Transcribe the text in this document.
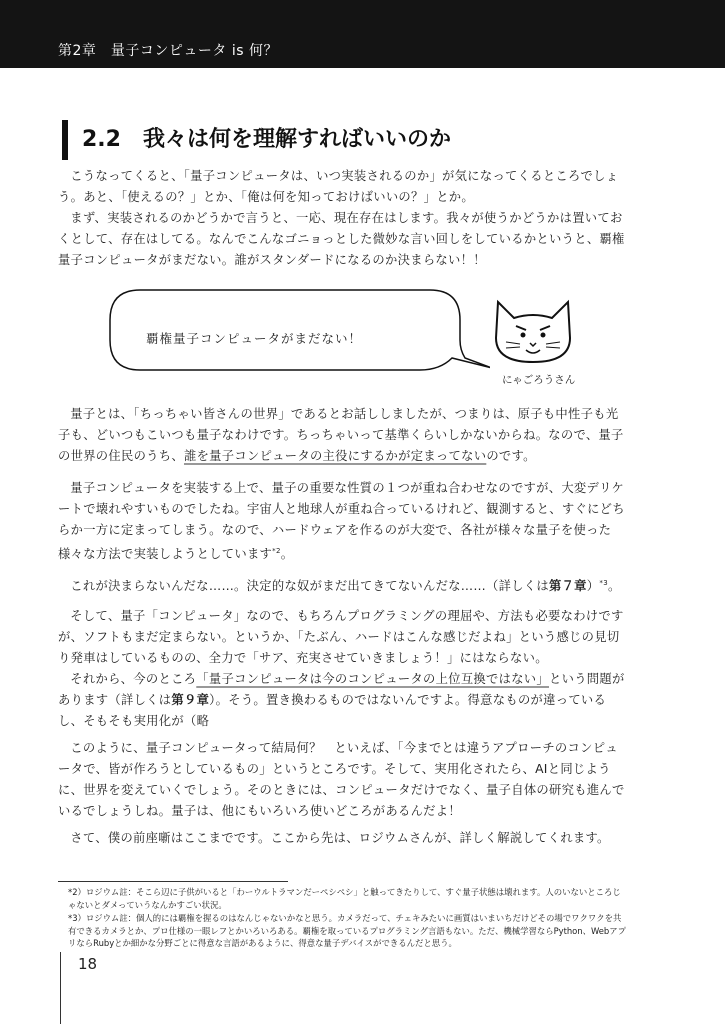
第2章　量子コンピュータ is 何？
2.2 我々は何を理解すればいいのか

こうなってくると、「量子コンピュータは、いつ実装されるのか」が気になってくるところでしょう。あと、「使えるの？」とか、「俺は何を知っておけばいいの？」とか。

まず、実装されるのかどうかで言うと、一応、現在存在はします。我々が使うかどうかは置いておくとして、存在はしてる。なんでこんなゴニョっとした微妙な言い回しをしているかというと、覇権量子コンピュータがまだない。誰がスタンダードになるのか決まらない！！

覇権量子コンピュータがまだない！
にゃごろうさん

量子とは、「ちっちゃい皆さんの世界」であるとお話ししましたが、つまりは、原子も中性子も光子も、どいつもこいつも量子なわけです。ちっちゃいって基準くらいしかないからね。なので、量子の世界の住民のうち、誰を量子コンピュータの主役にするかが定まってないのです。

量子コンピュータを実装する上で、量子の重要な性質の１つが重ね合わせなのですが、大変デリケートで壊れやすいものでしたね。宇宙人と地球人が重ね合っているけれど、観測すると、すぐにどちらか一方に定まってしまう。なので、ハードウェアを作るのが大変で、各社が様々な量子を使った様々な方法で実装しようとしています$^{*2}$。

これが決まらないんだな……。決定的な奴がまだ出てきてないんだな……（詳しくは第７章）$^{*3}$。

そして、量子「コンピュータ」なので、もちろんプログラミングの理屈や、方法も必要なわけですが、ソフトもまだ定まらない。というか、「たぶん、ハードはこんな感じだよね」という感じの見切り発車はしているものの、全力で「サア、充実させていきましょう！」にはならない。

それから、今のところ「量子コンピュータは今のコンピュータの上位互換ではない」という問題があります（詳しくは第９章）。そう。置き換わるものではないんですよ。得意なものが違っているし、そもそも実用化が（略

このように、量子コンピュータって結局何？　といえば、「今までとは違うアプローチのコンピュータで、皆が作ろうとしているもの」というところです。そして、実用化されたら、AIと同じように、世界を変えていくでしょう。そのときには、コンピュータだけでなく、量子自体の研究も進んでいるでしょうしね。量子は、他にもいろいろ使いどころがあるんだよ！

さて、僕の前座噺はここまでです。ここから先は、ロジウムさんが、詳しく解説してくれます。

*2）ロジウム註：そこら辺に子供がいると「わーウルトラマンだーペシペシ」と触ってきたりして、すぐ量子状態は壊れます。人のいないところじゃないとダメっていうなんかすごい状況。

*3）ロジウム註：個人的には覇権を握るのはなんじゃないかなと思う。カメラだって、チェキみたいに画質はいまいちだけどその場でワクワクを共有できるカメラとか、プロ仕様の一眼レフとかいろいろある。覇権を取っているプログラミング言語もない。ただ、機械学習ならPython、WebアプリならRubyとか細かな分野ごとに得意な言語があるように、得意な量子デバイスができるんだと思う。

18
